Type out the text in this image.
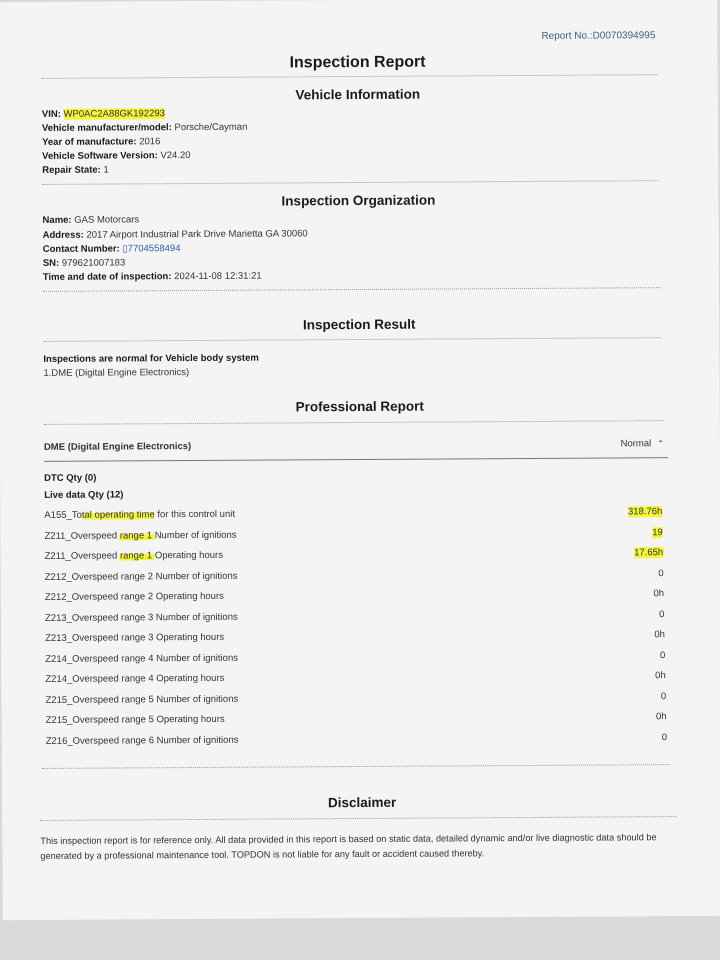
Report No.:D0070394995
Inspection Report
Vehicle Information
VIN: WP0AC2A88GK192293
Vehicle manufacturer/model: Porsche/Cayman
Year of manufacture: 2016
Vehicle Software Version: V24.20
Repair State: 1
Inspection Organization
Name: GAS Motorcars
Address: 2017 Airport Industrial Park Drive Marietta GA 30060
Contact Number: ▯7704558494
SN: 979621007183
Time and date of inspection: 2024-11-08 12:31:21
Inspection Result
Inspections are normal for Vehicle body system
1.DME (Digital Engine Electronics)
Professional Report
DME (Digital Engine Electronics)	Normal ⌃
DTC Qty (0)
Live data Qty (12)
A155_Total operating time for this control unit	318.76h
Z211_Overspeed range 1 Number of ignitions	19
Z211_Overspeed range 1 Operating hours	17.65h
Z212_Overspeed range 2 Number of ignitions	0
Z212_Overspeed range 2 Operating hours	0h
Z213_Overspeed range 3 Number of ignitions	0
Z213_Overspeed range 3 Operating hours	0h
Z214_Overspeed range 4 Number of ignitions	0
Z214_Overspeed range 4 Operating hours	0h
Z215_Overspeed range 5 Number of ignitions	0
Z215_Overspeed range 5 Operating hours	0h
Z216_Overspeed range 6 Number of ignitions	0
Disclaimer
This inspection report is for reference only. All data provided in this report is based on static data, detailed dynamic and/or live diagnostic data should be generated by a professional maintenance tool. TOPDON is not liable for any fault or accident caused thereby.
